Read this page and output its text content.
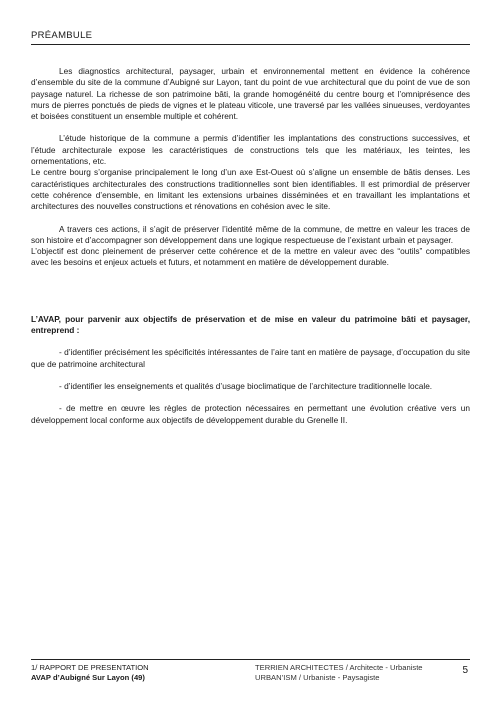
PRÉAMBULE

Les diagnostics architectural, paysager, urbain et environnemental mettent en évidence la cohérence d’ensemble du site de la commune d’Aubigné sur Layon, tant du point de vue architectural que du point de vue de son paysage naturel. La richesse de son patrimoine bâti, la grande homogénéité du centre bourg et l’omniprésence des murs de pierres ponctués de pieds de vignes et le plateau viticole, une traversé par les vallées sinueuses, verdoyantes et boisées constituent un ensemble multiple et cohérent.

L’étude historique de la commune a permis d’identifier les implantations des constructions successives, et l’étude architecturale expose les caractéristiques de constructions tels que les matériaux, les teintes, les ornementations, etc.

Le centre bourg s’organise principalement le long d’un axe Est-Ouest où s’aligne un ensemble de bâtis denses. Les caractéristiques architecturales des constructions traditionnelles sont bien identifiables. Il est primordial de préserver cette cohérence d’ensemble, en limitant les extensions urbaines disséminées et en travaillant les implantations et architectures des nouvelles constructions et rénovations en cohésion avec le site.

A travers ces actions, il s’agit de préserver l’identité même de la commune, de mettre en valeur les traces de son histoire et d’accompagner son développement dans une logique respectueuse de l’existant urbain et paysager.

L’objectif est donc pleinement de préserver cette cohérence et de la mettre en valeur avec des “outils” compatibles avec les besoins et enjeux actuels et futurs, et notamment en matière de développement durable.

L’AVAP, pour parvenir aux objectifs de préservation et de mise en valeur du patrimoine bâti et paysager, entreprend :

- d’identifier précisément les spécificités intéressantes de l’aire tant en matière de paysage, d’occupation du site que de patrimoine architectural

- d’identifier les enseignements et qualités d’usage bioclimatique de l’architecture traditionnelle locale.

- de mettre en œuvre les règles de protection nécessaires en permettant une évolution créative vers un développement local conforme aux objectifs de développement durable du Grenelle II.

1/ RAPPORT DE PRESENTATION
AVAP d’Aubigné Sur Layon (49)
TERRIEN ARCHITECTES / Architecte - Urbaniste
URBAN’ISM / Urbaniste - Paysagiste
5
